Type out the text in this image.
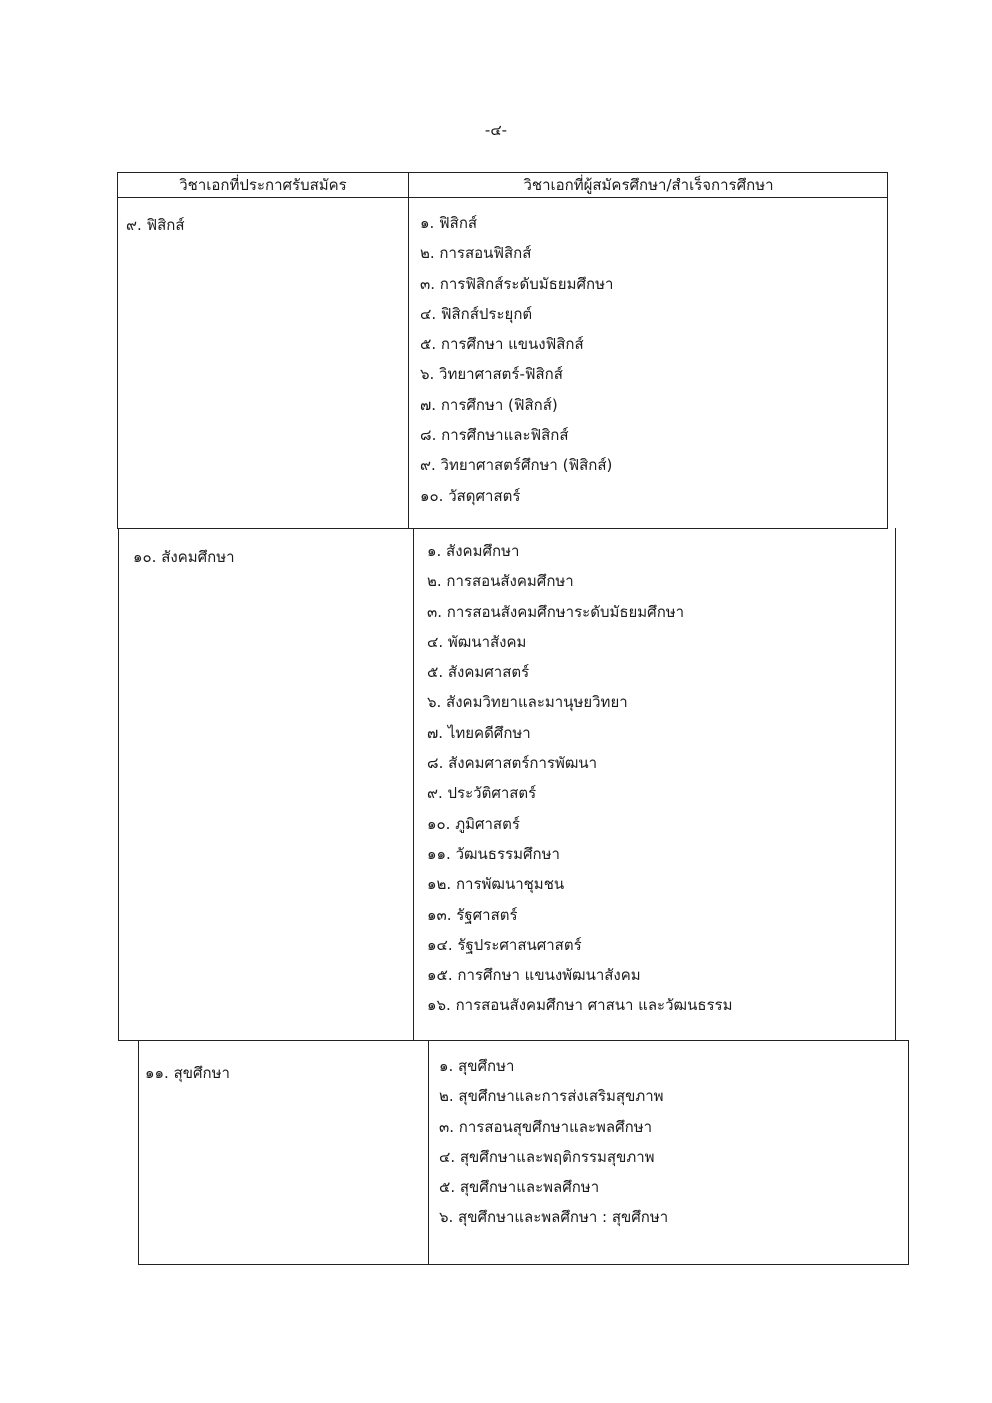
-๔-
วิชาเอกที่ประกาศรับสมัคร	วิชาเอกที่ผู้สมัครศึกษา/สำเร็จการศึกษา
๙. ฟิสิกส์	๑. ฟิสิกส์
๒. การสอนฟิสิกส์
๓. การฟิสิกส์ระดับมัธยมศึกษา
๔. ฟิสิกส์ประยุกต์
๕. การศึกษา แขนงฟิสิกส์
๖. วิทยาศาสตร์-ฟิสิกส์
๗. การศึกษา (ฟิสิกส์)
๘. การศึกษาและฟิสิกส์
๙. วิทยาศาสตร์ศึกษา (ฟิสิกส์)
๑๐. วัสดุศาสตร์
๑๐. สังคมศึกษา	๑. สังคมศึกษา
๒. การสอนสังคมศึกษา
๓. การสอนสังคมศึกษาระดับมัธยมศึกษา
๔. พัฒนาสังคม
๕. สังคมศาสตร์
๖. สังคมวิทยาและมานุษยวิทยา
๗. ไทยคดีศึกษา
๘. สังคมศาสตร์การพัฒนา
๙. ประวัติศาสตร์
๑๐. ภูมิศาสตร์
๑๑. วัฒนธรรมศึกษา
๑๒. การพัฒนาชุมชน
๑๓. รัฐศาสตร์
๑๔. รัฐประศาสนศาสตร์
๑๕. การศึกษา แขนงพัฒนาสังคม
๑๖. การสอนสังคมศึกษา ศาสนา และวัฒนธรรม
๑๑. สุขศึกษา	๑. สุขศึกษา
๒. สุขศึกษาและการส่งเสริมสุขภาพ
๓. การสอนสุขศึกษาและพลศึกษา
๔. สุขศึกษาและพฤติกรรมสุขภาพ
๕. สุขศึกษาและพลศึกษา
๖. สุขศึกษาและพลศึกษา : สุขศึกษา
